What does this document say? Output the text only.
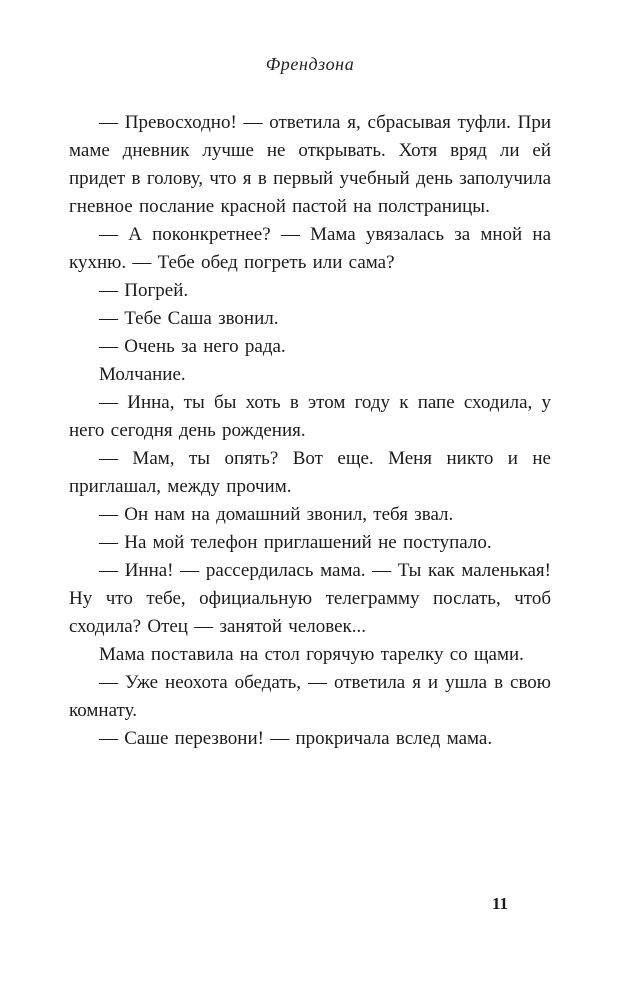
Френдзона

— Превосходно! — ответила я, сбрасывая туфли. При маме дневник лучше не открывать. Хотя вряд ли ей придет в голову, что я в первый учебный день заполучила гневное послание красной пастой на полстраницы.

— А поконкретнее? — Мама увязалась за мной на кухню. — Тебе обед погреть или сама?

— Погрей.

— Тебе Саша звонил.

— Очень за него рада.

Молчание.

— Инна, ты бы хоть в этом году к папе сходила, у него сегодня день рождения.

— Мам, ты опять? Вот еще. Меня никто и не приглашал, между прочим.

— Он нам на домашний звонил, тебя звал.

— На мой телефон приглашений не поступало.

— Инна! — рассердилась мама. — Ты как маленькая! Ну что тебе, официальную телеграмму послать, чтоб сходила? Отец — занятой человек...

Мама поставила на стол горячую тарелку со щами.

— Уже неохота обедать, — ответила я и ушла в свою комнату.

— Саше перезвони! — прокричала вслед мама.

11
